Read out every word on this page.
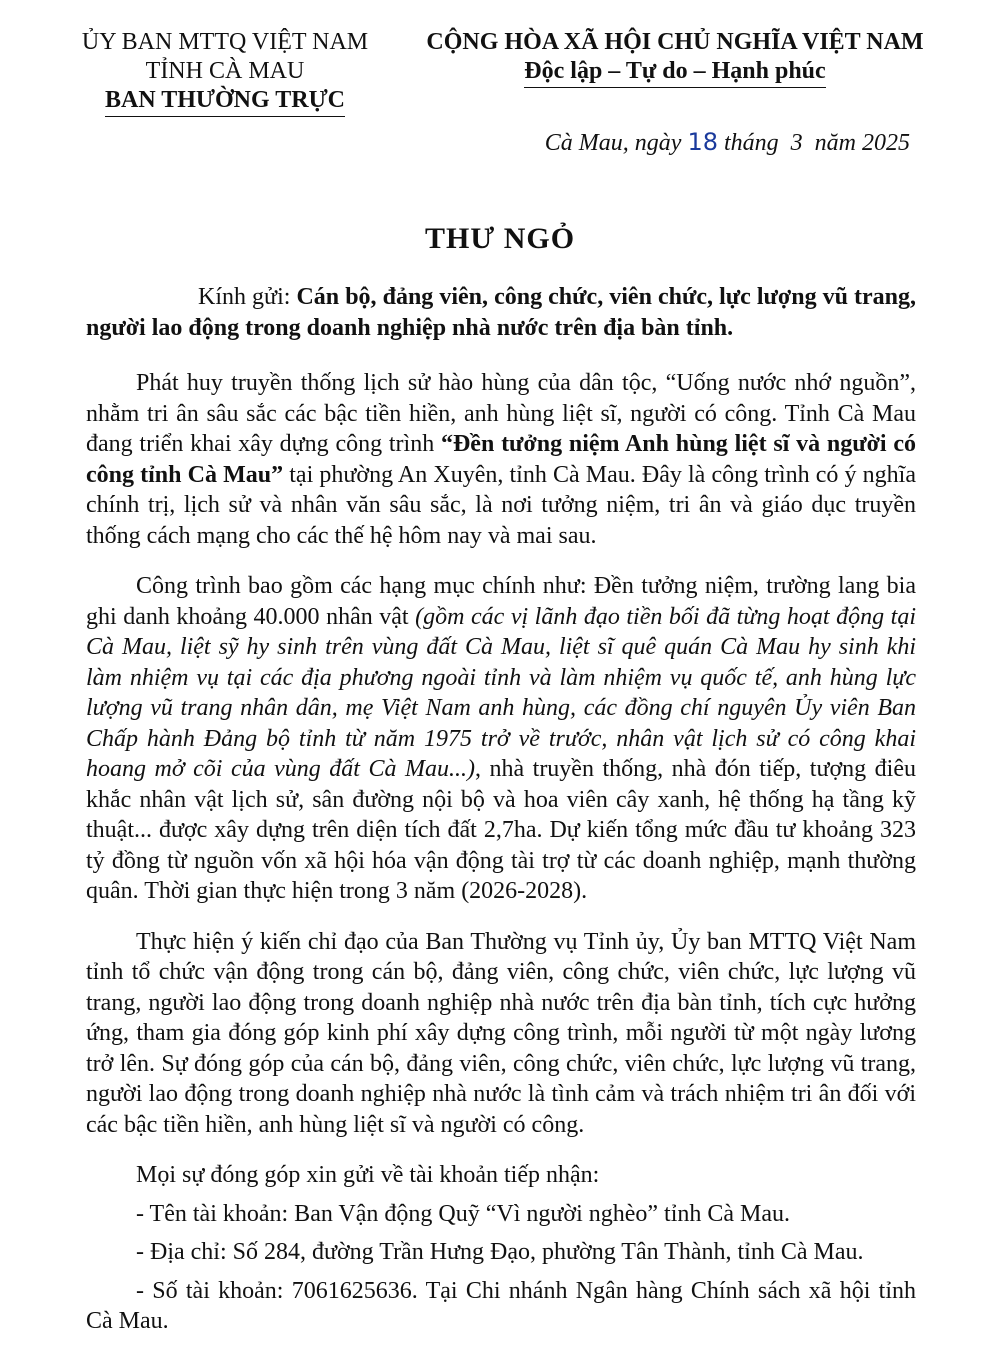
ỦY BAN MTTQ VIỆT NAM
TỈNH CÀ MAU
BAN THƯỜNG TRỰC
CỘNG HÒA XÃ HỘI CHỦ NGHĨA VIỆT NAM
Độc lập – Tự do – Hạnh phúc
Cà Mau, ngày 18 tháng  3  năm 2025
THƯ NGỎ

Kính gửi: Cán bộ, đảng viên, công chức, viên chức, lực lượng vũ trang, người lao động trong doanh nghiệp nhà nước trên địa bàn tỉnh.

Phát huy truyền thống lịch sử hào hùng của dân tộc, “Uống nước nhớ nguồn”, nhằm tri ân sâu sắc các bậc tiền hiền, anh hùng liệt sĩ, người có công. Tỉnh Cà Mau đang triển khai xây dựng công trình “Đền tưởng niệm Anh hùng liệt sĩ và người có công tỉnh Cà Mau” tại phường An Xuyên, tỉnh Cà Mau. Đây là công trình có ý nghĩa chính trị, lịch sử và nhân văn sâu sắc, là nơi tưởng niệm, tri ân và giáo dục truyền thống cách mạng cho các thế hệ hôm nay và mai sau.

Công trình bao gồm các hạng mục chính như: Đền tưởng niệm, trường lang bia ghi danh khoảng 40.000 nhân vật (gồm các vị lãnh đạo tiền bối đã từng hoạt động tại Cà Mau, liệt sỹ hy sinh trên vùng đất Cà Mau, liệt sĩ quê quán Cà Mau hy sinh khi làm nhiệm vụ tại các địa phương ngoài tỉnh và làm nhiệm vụ quốc tế, anh hùng lực lượng vũ trang nhân dân, mẹ Việt Nam anh hùng, các đồng chí nguyên Ủy viên Ban Chấp hành Đảng bộ tỉnh từ năm 1975 trở về trước, nhân vật lịch sử có công khai hoang mở cõi của vùng đất Cà Mau...), nhà truyền thống, nhà đón tiếp, tượng điêu khắc nhân vật lịch sử, sân đường nội bộ và hoa viên cây xanh, hệ thống hạ tầng kỹ thuật... được xây dựng trên diện tích đất 2,7ha. Dự kiến tổng mức đầu tư khoảng 323 tỷ đồng từ nguồn vốn xã hội hóa vận động tài trợ từ các doanh nghiệp, mạnh thường quân. Thời gian thực hiện trong 3 năm (2026-2028).

Thực hiện ý kiến chỉ đạo của Ban Thường vụ Tỉnh ủy, Ủy ban MTTQ Việt Nam tỉnh tổ chức vận động trong cán bộ, đảng viên, công chức, viên chức, lực lượng vũ trang, người lao động trong doanh nghiệp nhà nước trên địa bàn tỉnh, tích cực hưởng ứng, tham gia đóng góp kinh phí xây dựng công trình, mỗi người từ một ngày lương trở lên. Sự đóng góp của cán bộ, đảng viên, công chức, viên chức, lực lượng vũ trang, người lao động trong doanh nghiệp nhà nước là tình cảm và trách nhiệm tri ân đối với các bậc tiền hiền, anh hùng liệt sĩ và người có công.

Mọi sự đóng góp xin gửi về tài khoản tiếp nhận:

- Tên tài khoản: Ban Vận động Quỹ “Vì người nghèo” tỉnh Cà Mau.

- Địa chỉ: Số 284, đường Trần Hưng Đạo, phường Tân Thành, tỉnh Cà Mau.

- Số tài khoản: 7061625636. Tại Chi nhánh Ngân hàng Chính sách xã hội tỉnh Cà Mau.
